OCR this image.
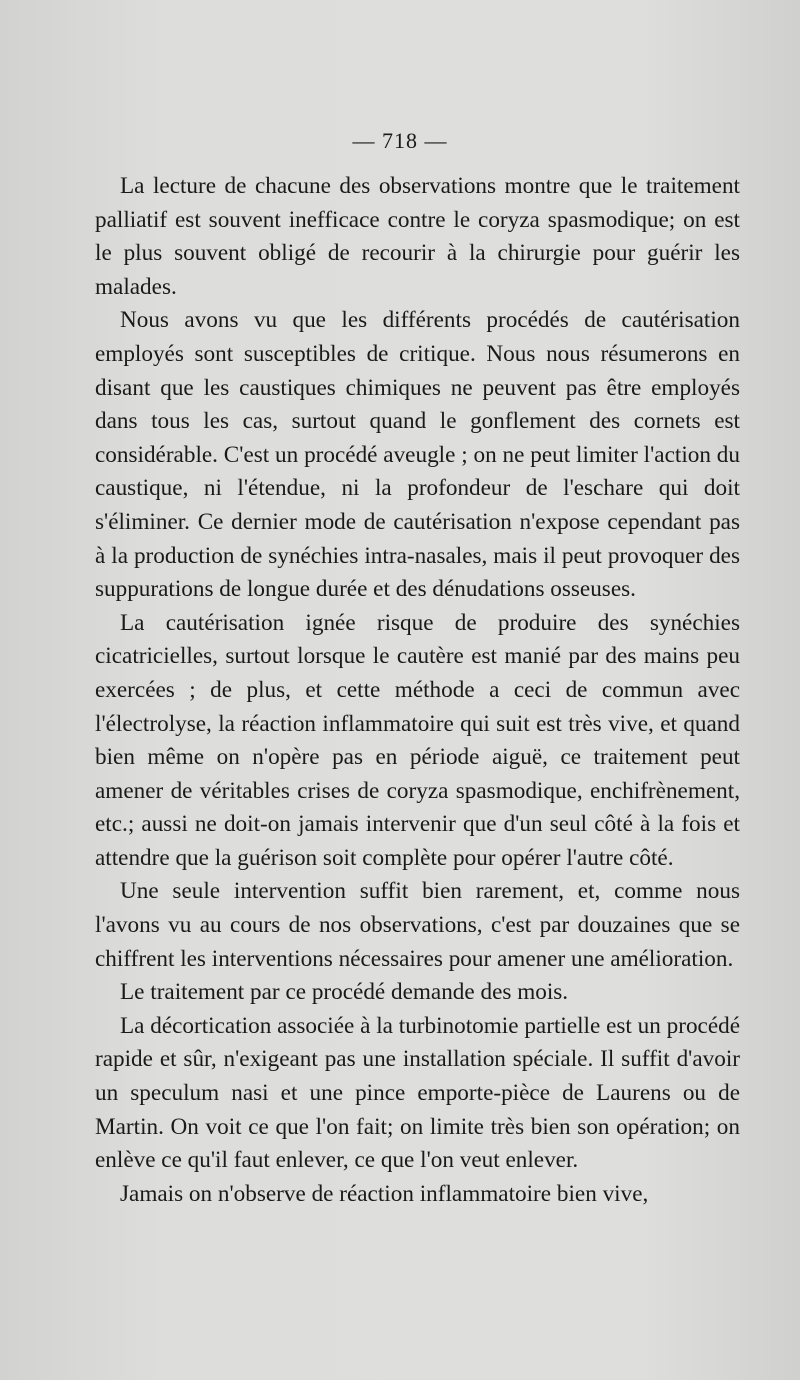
— 718 —

La lecture de chacune des observations montre que le traitement palliatif est souvent inefficace contre le coryza spasmodique; on est le plus souvent obligé de recourir à la chirurgie pour guérir les malades.

Nous avons vu que les différents procédés de cautérisation employés sont susceptibles de critique. Nous nous résumerons en disant que les caustiques chimiques ne peuvent pas être employés dans tous les cas, surtout quand le gonflement des cornets est considérable. C'est un procédé aveugle ; on ne peut limiter l'action du caustique, ni l'étendue, ni la profondeur de l'eschare qui doit s'éliminer. Ce dernier mode de cautérisation n'expose cependant pas à la production de synéchies intra-nasales, mais il peut provoquer des suppurations de longue durée et des dénudations osseuses.

La cautérisation ignée risque de produire des synéchies cicatricielles, surtout lorsque le cautère est manié par des mains peu exercées ; de plus, et cette méthode a ceci de commun avec l'électrolyse, la réaction inflammatoire qui suit est très vive, et quand bien même on n'opère pas en période aiguë, ce traitement peut amener de véritables crises de coryza spasmodique, enchifrènement, etc.; aussi ne doit-on jamais intervenir que d'un seul côté à la fois et attendre que la guérison soit complète pour opérer l'autre côté.

Une seule intervention suffit bien rarement, et, comme nous l'avons vu au cours de nos observations, c'est par douzaines que se chiffrent les interventions nécessaires pour amener une amélioration.

Le traitement par ce procédé demande des mois.

La décortication associée à la turbinotomie partielle est un procédé rapide et sûr, n'exigeant pas une installation spéciale. Il suffit d'avoir un speculum nasi et une pince emporte-pièce de Laurens ou de Martin. On voit ce que l'on fait; on limite très bien son opération; on enlève ce qu'il faut enlever, ce que l'on veut enlever.

Jamais on n'observe de réaction inflammatoire bien vive,
